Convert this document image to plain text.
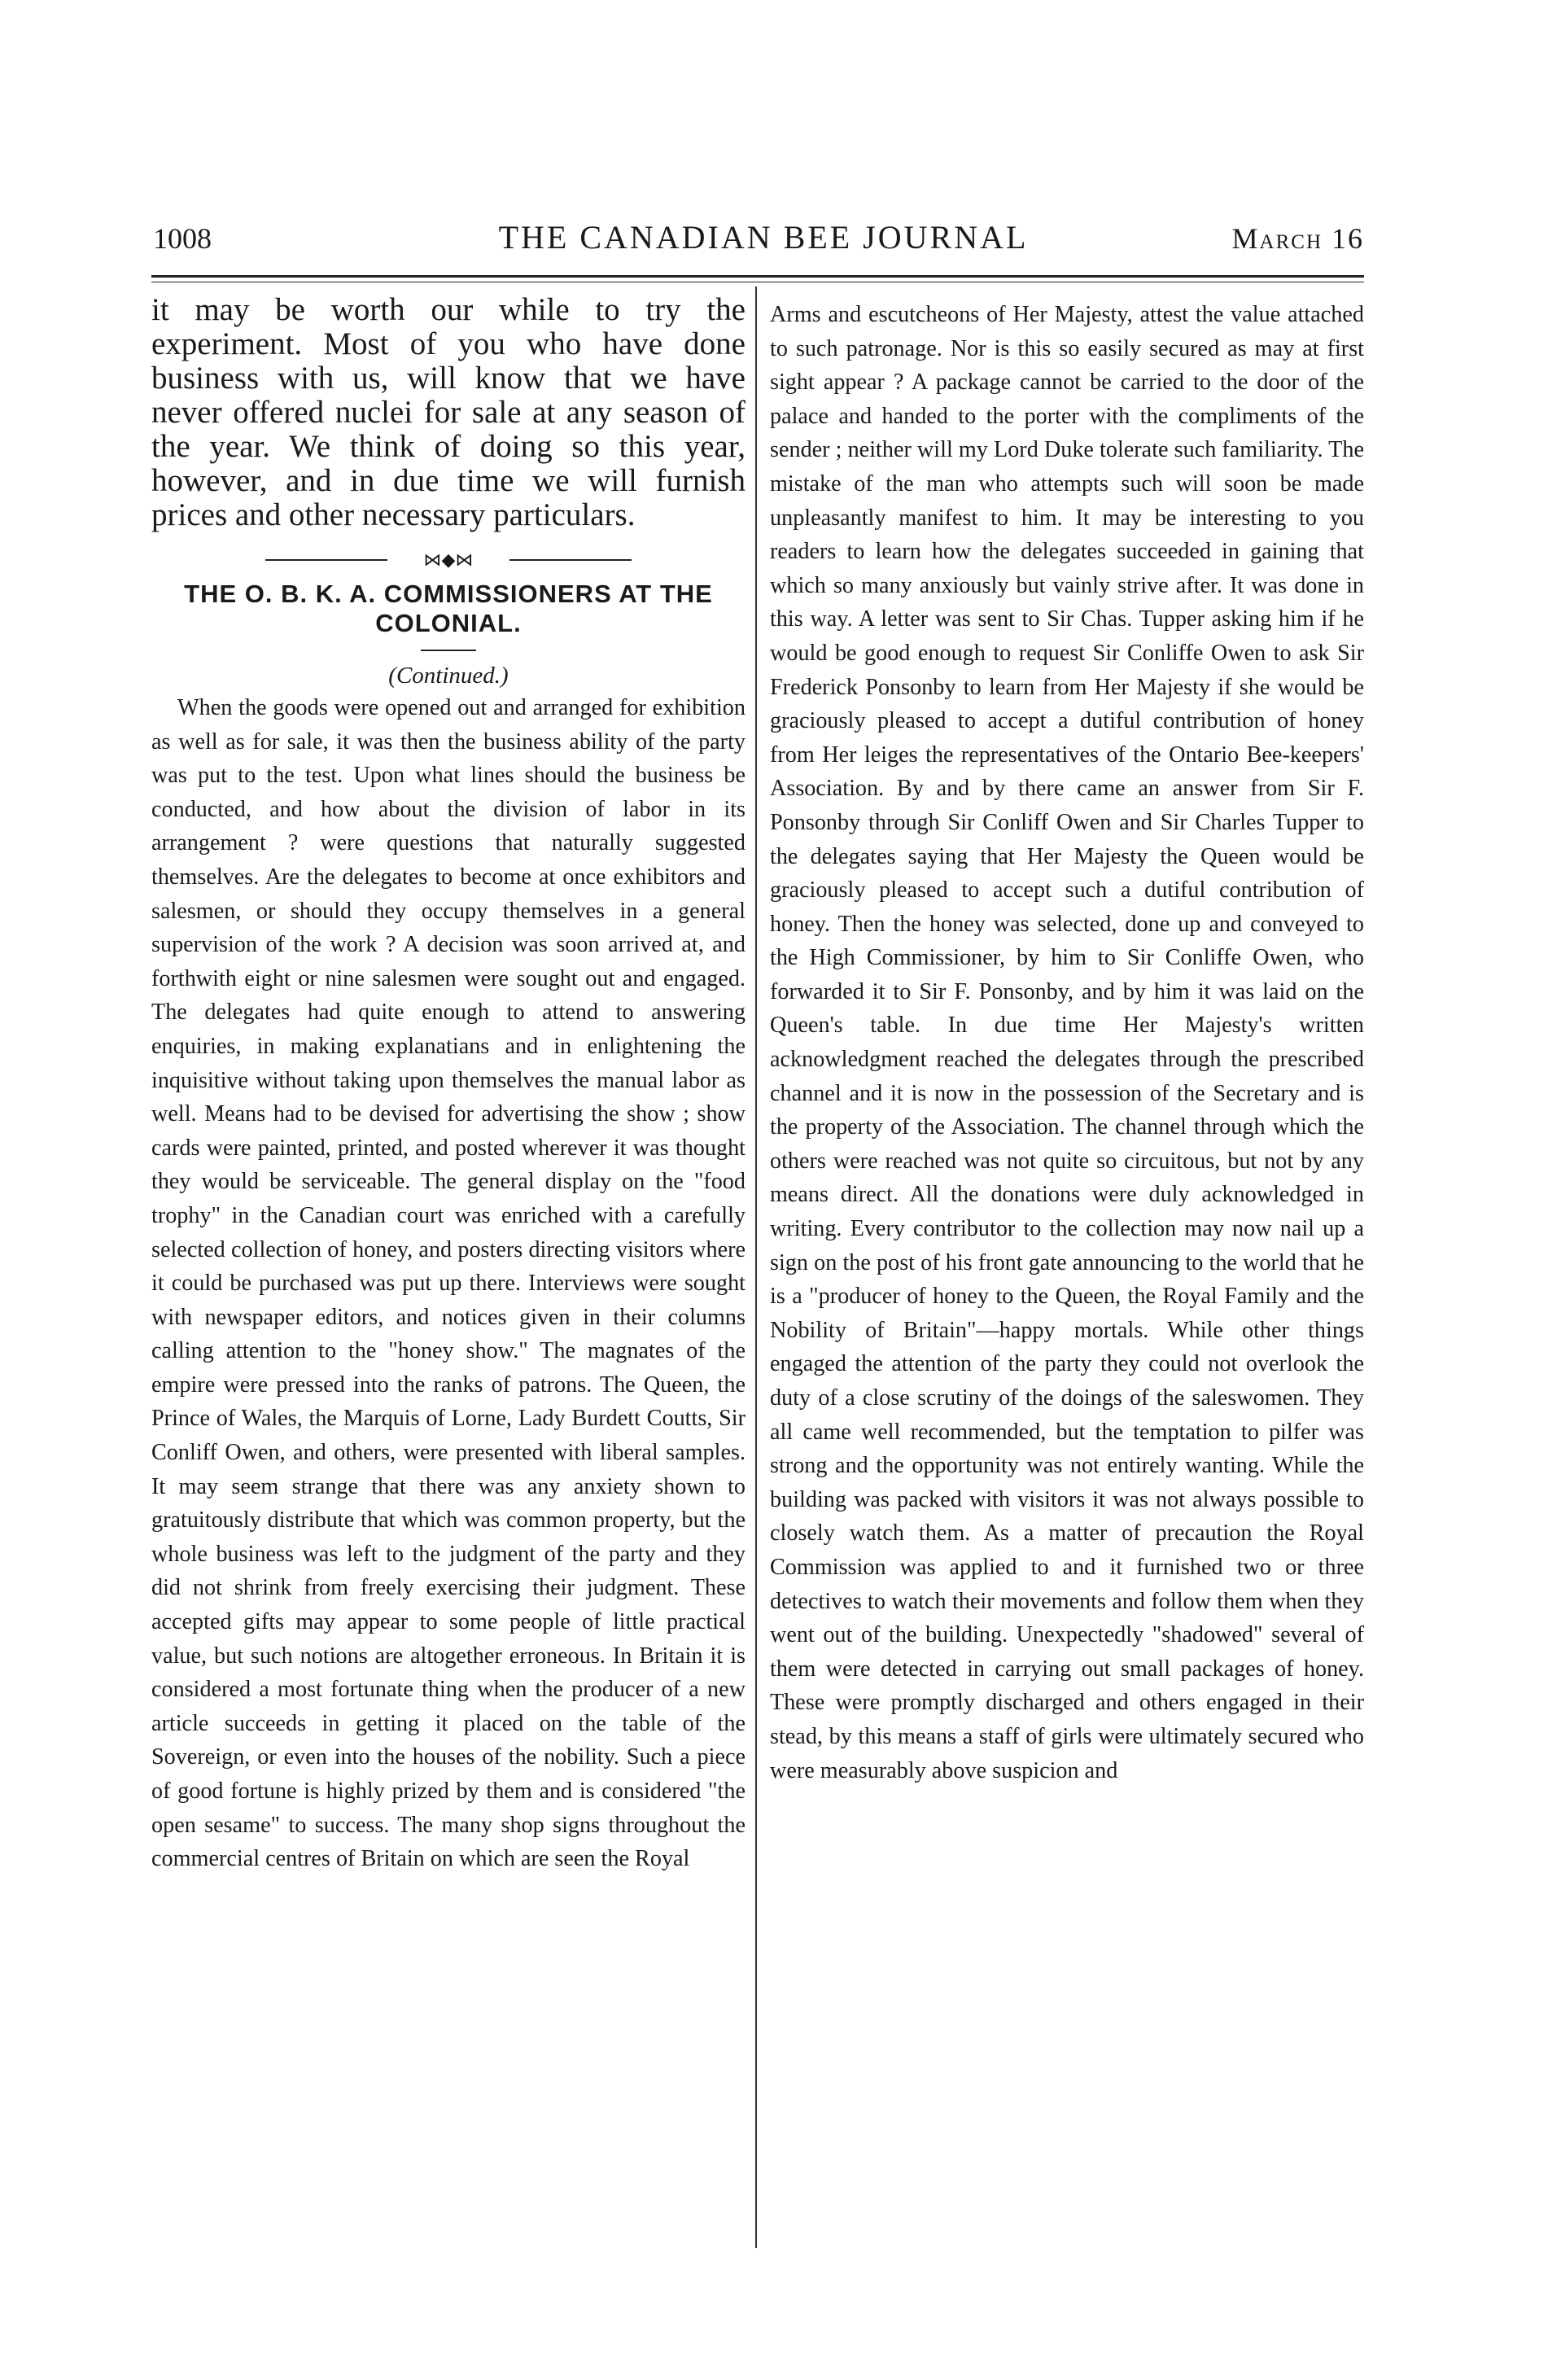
1008	THE CANADIAN BEE JOURNAL	March 16

it may be worth our while to try the experiment. Most of you who have done business with us, will know that we have never offered nuclei for sale at any season of the year. We think of doing so this year, however, and in due time we will furnish prices and other necessary particulars.

⋈◆⋈
THE O. B. K. A. COMMISSIONERS AT THE COLONIAL.
(Continued.)

When the goods were opened out and arranged for exhibition as well as for sale, it was then the business ability of the party was put to the test. Upon what lines should the business be conducted, and how about the division of labor in its arrangement ? were questions that naturally suggested themselves. Are the delegates to become at once exhibitors and salesmen, or should they occupy themselves in a general supervision of the work ? A decision was soon arrived at, and forthwith eight or nine salesmen were sought out and engaged. The delegates had quite enough to attend to answering enquiries, in making explanatians and in enlightening the inquisitive without taking upon themselves the manual labor as well. Means had to be devised for advertising the show ; show cards were painted, printed, and posted wherever it was thought they would be serviceable. The general display on the "food trophy" in the Canadian court was enriched with a carefully selected collection of honey, and posters directing visitors where it could be purchased was put up there. Interviews were sought with newspaper editors, and notices given in their columns calling attention to the "honey show." The magnates of the empire were pressed into the ranks of patrons. The Queen, the Prince of Wales, the Marquis of Lorne, Lady Burdett Coutts, Sir Conliff Owen, and others, were presented with liberal samples. It may seem strange that there was any anxiety shown to gratuitously distribute that which was common property, but the whole business was left to the judgment of the party and they did not shrink from freely exercising their judgment. These accepted gifts may appear to some people of little practical value, but such notions are altogether erroneous. In Britain it is considered a most fortunate thing when the producer of a new article succeeds in getting it placed on the table of the Sovereign, or even into the houses of the nobility. Such a piece of good fortune is highly prized by them and is considered "the open sesame" to success. The many shop signs throughout the commercial centres of Britain on which are seen the Royal

Arms and escutcheons of Her Majesty, attest the value attached to such patronage. Nor is this so easily secured as may at first sight appear ? A package cannot be carried to the door of the palace and handed to the porter with the compliments of the sender ; neither will my Lord Duke tolerate such familiarity. The mistake of the man who attempts such will soon be made unpleasantly manifest to him. It may be interesting to you readers to learn how the delegates succeeded in gaining that which so many anxiously but vainly strive after. It was done in this way. A letter was sent to Sir Chas. Tupper asking him if he would be good enough to request Sir Conliffe Owen to ask Sir Frederick Ponsonby to learn from Her Majesty if she would be graciously pleased to accept a dutiful contribution of honey from Her leiges the representatives of the Ontario Bee-keepers' Association. By and by there came an answer from Sir F. Ponsonby through Sir Conliff Owen and Sir Charles Tupper to the delegates saying that Her Majesty the Queen would be graciously pleased to accept such a dutiful contribution of honey. Then the honey was selected, done up and conveyed to the High Commissioner, by him to Sir Conliffe Owen, who forwarded it to Sir F. Ponsonby, and by him it was laid on the Queen's table. In due time Her Majesty's written acknowledgment reached the delegates through the prescribed channel and it is now in the possession of the Secretary and is the property of the Association. The channel through which the others were reached was not quite so circuitous, but not by any means direct. All the donations were duly acknowledged in writing. Every contributor to the collection may now nail up a sign on the post of his front gate announcing to the world that he is a "producer of honey to the Queen, the Royal Family and the Nobility of Britain"—happy mortals. While other things engaged the attention of the party they could not overlook the duty of a close scrutiny of the doings of the saleswomen. They all came well recommended, but the temptation to pilfer was strong and the opportunity was not entirely wanting. While the building was packed with visitors it was not always possible to closely watch them. As a matter of precaution the Royal Commission was applied to and it furnished two or three detectives to watch their movements and follow them when they went out of the building. Unexpectedly "shadowed" several of them were detected in carrying out small packages of honey. These were promptly discharged and others engaged in their stead, by this means a staff of girls were ultimately secured who were measurably above suspicion and
